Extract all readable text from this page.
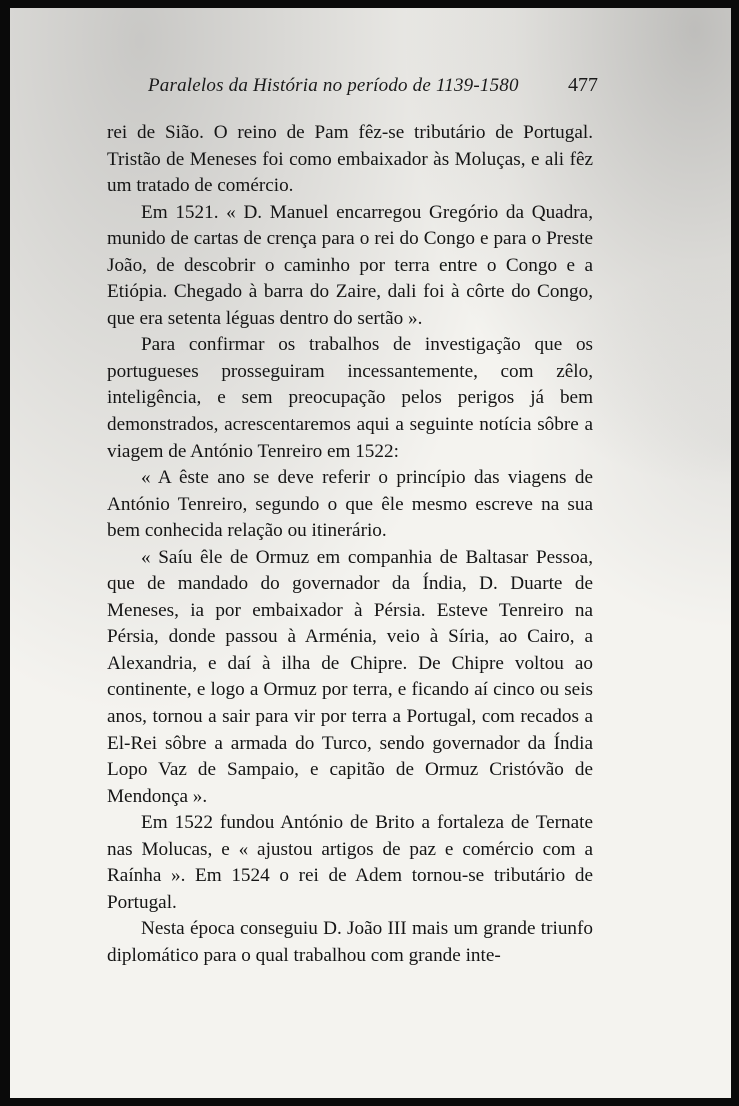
Paralelos da História no período de 1139-1580 477

rei de Sião. O reino de Pam fêz-se tributário de Portugal. Tristão de Meneses foi como embaixador às Moluças, e ali fêz um tratado de comércio.

Em 1521. « D. Manuel encarregou Gregório da Quadra, munido de cartas de crença para o rei do Congo e para o Preste João, de descobrir o caminho por terra entre o Congo e a Etiópia. Chegado à barra do Zaire, dali foi à côrte do Congo, que era setenta léguas dentro do sertão ».

Para confirmar os trabalhos de investigação que os portugueses prosseguiram incessantemente, com zêlo, inteligência, e sem preocupação pelos perigos já bem demonstrados, acrescentaremos aqui a seguinte notícia sôbre a viagem de António Tenreiro em 1522:

« A êste ano se deve referir o princípio das viagens de António Tenreiro, segundo o que êle mesmo escreve na sua bem conhecida relação ou itinerário.

« Saíu êle de Ormuz em companhia de Baltasar Pessoa, que de mandado do governador da Índia, D. Duarte de Meneses, ia por embaixador à Pérsia. Esteve Tenreiro na Pérsia, donde passou à Arménia, veio à Síria, ao Cairo, a Alexandria, e daí à ilha de Chipre. De Chipre voltou ao continente, e logo a Ormuz por terra, e ficando aí cinco ou seis anos, tornou a sair para vir por terra a Portugal, com recados a El-Rei sôbre a armada do Turco, sendo governador da Índia Lopo Vaz de Sampaio, e capitão de Ormuz Cristóvão de Mendonça ».

Em 1522 fundou António de Brito a fortaleza de Ternate nas Molucas, e « ajustou artigos de paz e comércio com a Raínha ». Em 1524 o rei de Adem tornou-se tributário de Portugal.

Nesta época conseguiu D. João III mais um grande triunfo diplomático para o qual trabalhou com grande inte-
